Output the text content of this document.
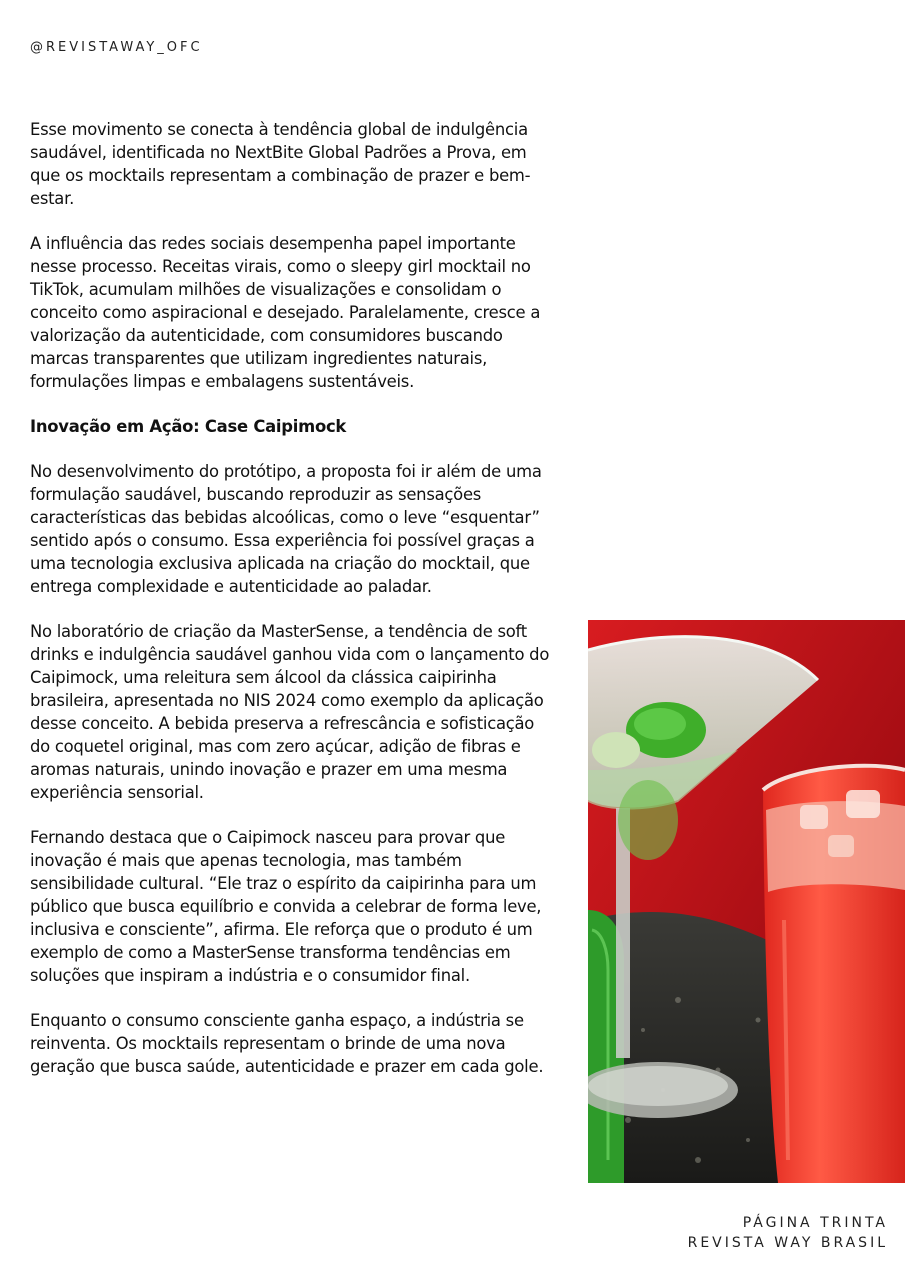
@REVISTAWAY_OFC

Esse movimento se conecta à tendência global de indulgência saudável, identificada no NextBite Global Padrões a Prova, em que os mocktails representam a combinação de prazer e bem-estar.

A influência das redes sociais desempenha papel importante nesse processo. Receitas virais, como o sleepy girl mocktail no TikTok, acumulam milhões de visualizações e consolidam o conceito como aspiracional e desejado. Paralelamente, cresce a valorização da autenticidade, com consumidores buscando marcas transparentes que utilizam ingredientes naturais, formulações limpas e embalagens sustentáveis.

Inovação em Ação: Case Caipimock

No desenvolvimento do protótipo, a proposta foi ir além de uma formulação saudável, buscando reproduzir as sensações características das bebidas alcoólicas, como o leve “esquentar” sentido após o consumo. Essa experiência foi possível graças a uma tecnologia exclusiva aplicada na criação do mocktail, que entrega complexidade e autenticidade ao paladar.

No laboratório de criação da MasterSense, a tendência de soft drinks e indulgência saudável ganhou vida com o lançamento do Caipimock, uma releitura sem álcool da clássica caipirinha brasileira, apresentada no NIS 2024 como exemplo da aplicação desse conceito. A bebida preserva a refrescância e sofisticação do coquetel original, mas com zero açúcar, adição de fibras e aromas naturais, unindo inovação e prazer em uma mesma experiência sensorial.

Fernando destaca que o Caipimock nasceu para provar que inovação é mais que apenas tecnologia, mas também sensibilidade cultural. “Ele traz o espírito da caipirinha para um público que busca equilíbrio e convida a celebrar de forma leve, inclusiva e consciente”, afirma. Ele reforça que o produto é um exemplo de como a MasterSense transforma tendências em soluções que inspiram a indústria e o consumidor final.

Enquanto o consumo consciente ganha espaço, a indústria se reinventa. Os mocktails representam o brinde de uma nova geração que busca saúde, autenticidade e prazer em cada gole.

PÁGINA TRINTA
REVISTA WAY BRASIL
